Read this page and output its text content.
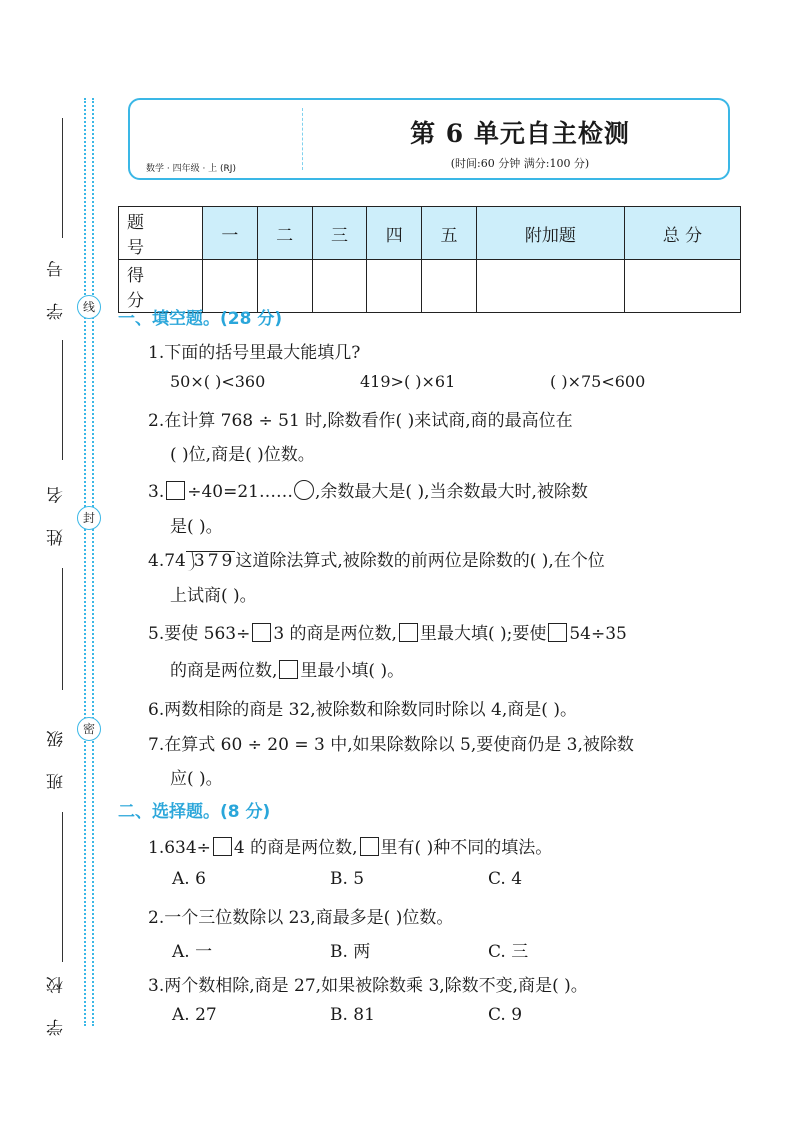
线
封
密
学 号
姓 名
班 级
学 校
数学 · 四年级 · 上 (RJ)
第 6 单元自主检测
(时间:60 分钟 满分:100 分)
题 号	一	二	三	四	五	附加题	总 分
得 分							
一、填空题。(28 分)
1.下面的括号里最大能填几?
50×( )<360	419>( )×61	( )×75<600
2.在计算 768 ÷ 51 时,除数看作( )来试商,商的最高位在
( )位,商是( )位数。
3. ÷40=21…… ,余数最大是( ),当余数最大时,被除数
是( )。
4.74 379这道除法算式,被除数的前两位是除数的( ),在个位
上试商( )。
5.要使 563÷ 3 的商是两位数, 里最大填( );要使 54÷35
的商是两位数, 里最小填( )。
6.两数相除的商是 32,被除数和除数同时除以 4,商是( )。
7.在算式 60 ÷ 20 = 3 中,如果除数除以 5,要使商仍是 3,被除数
应( )。
二、选择题。(8 分)
1.634÷ 4 的商是两位数, 里有( )种不同的填法。
A. 6	B. 5	C. 4
2.一个三位数除以 23,商最多是( )位数。
A. 一	B. 两	C. 三
3.两个数相除,商是 27,如果被除数乘 3,除数不变,商是( )。
A. 27	B. 81	C. 9
